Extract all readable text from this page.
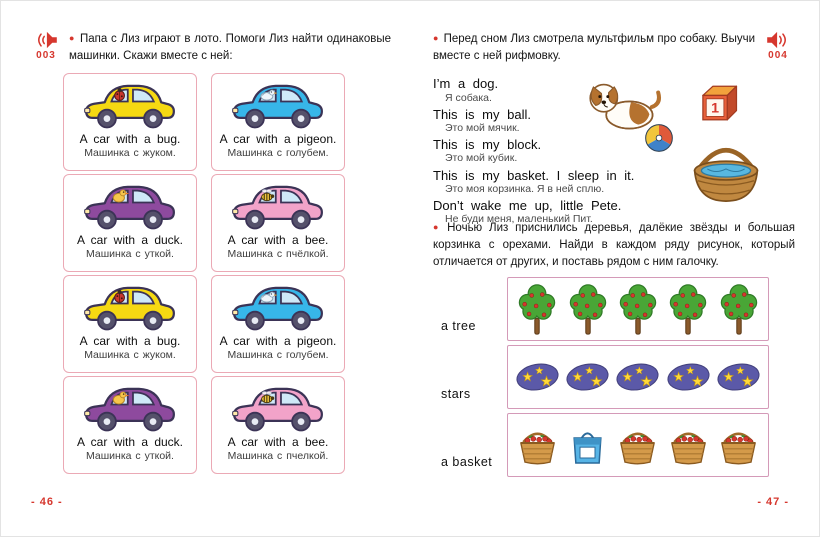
003

● Папа с Лиз играют в лото. Помоги Лиз найти одинаковые машинки. Скажи вместе с ней:

A car with a bug.
Машинка с жуком.
A car with a pigeon.
Машинка с голубем.
A car with a duck.
Машинка с уткой.
A car with a bee.
Машинка с пчёлкой.
A car with a bug.
Машинка с жуком.
A car with a pigeon.
Машинка с голубем.
A car with a duck.
Машинка с уткой.
A car with a bee.
Машинка с пчелкой.

● Перед сном Лиз смотрела мультфильм про собаку. Выучи вместе с ней рифмовку.	004
I’m a dog.
Я собака.
This is my ball.
Это мой мячик.
This is my block.
Это мой кубик.
This is my basket. I sleep in it.
Это моя корзинка. Я в ней сплю.
Don’t wake me up, little Pete.
Не буди меня, маленький Пит.
1

● Ночью Лиз приснились деревья, далёкие звёзды и большая корзинка с орехами. Найди в каждом ряду рисунок, который отличается от других, и поставь рядом с ним галочку.

a tree
stars
a basket
- 46 -	- 47 -
